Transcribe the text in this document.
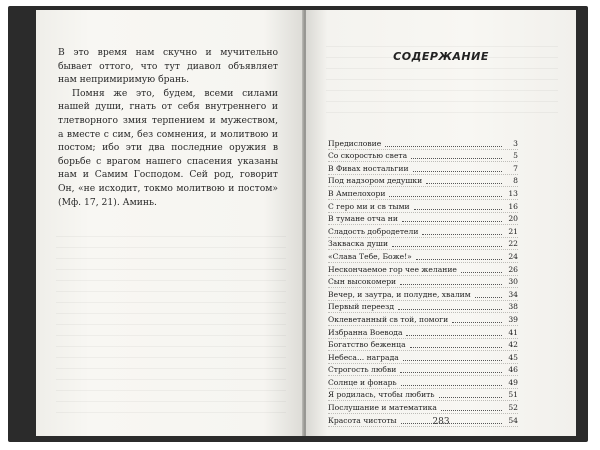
В это время нам скучно и мучительно бывает оттого, что тут диавол объявляет нам непримиримую брань.

Помня же это, будем, всеми силами нашей души, гнать от себя внутреннего и тлетворного змия терпением и мужеством, а вместе с сим, без сомнения, и молитвою и постом; ибо эти два последние оружия в борьбе с врагом нашего спасения указаны нам и Самим Господом. Сей род, говорит Он, «не исходит, токмо молитвою и постом» (Мф. 17, 21). Аминь.

СОДЕРЖАНИЕ
Предисловие	3
Со скоростью света	5
В Фивах ностальгии	7
Под надзором дедушки	8
В Ампелохори	13
С геро ми и св тыми	16
В тумане отча ни	20
Сладость добродетели	21
Закваска души	22
«Слава Тебе, Боже!»	24
Нескончаемое гор чее желание	26
Сын высокомери	30
Вечер, и заутра, и полудне, хвалим	34
Первый переезд	38
Оклеветанный св той, помоги	39
Избранна Воевода	41
Богатство беженца	42
Небеса... награда	45
Строгость любви	46
Солнце и фонарь	49
Я родилась, чтобы любить	51
Послушание и математика	52
Красота чистоты	54
283
